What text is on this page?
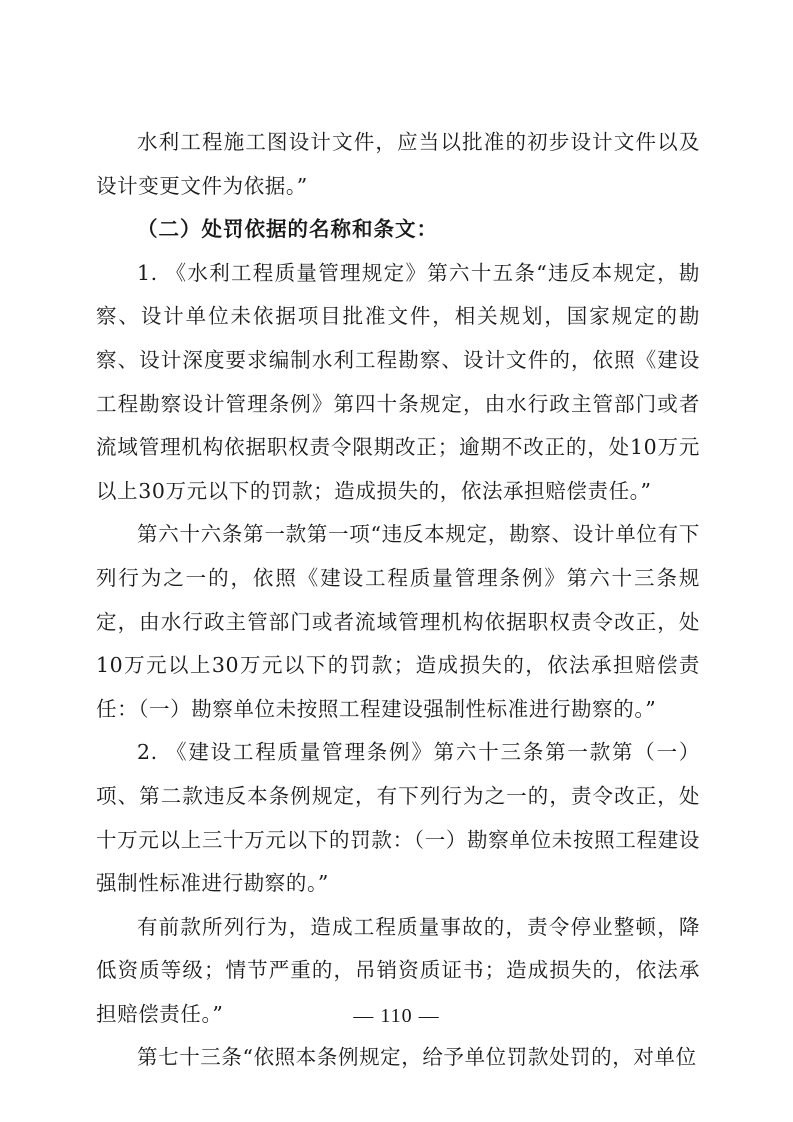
水利工程施工图设计文件，应当以批准的初步设计文件以及设计变更文件为依据。”

（二）处罚依据的名称和条文：

1. 《水利工程质量管理规定》第六十五条“违反本规定，勘察、设计单位未依据项目批准文件，相关规划，国家规定的勘察、设计深度要求编制水利工程勘察、设计文件的，依照《建设工程勘察设计管理条例》第四十条规定，由水行政主管部门或者流域管理机构依据职权责令限期改正；逾期不改正的，处10万元以上30万元以下的罚款；造成损失的，依法承担赔偿责任。”

第六十六条第一款第一项“违反本规定，勘察、设计单位有下列行为之一的，依照《建设工程质量管理条例》第六十三条规定，由水行政主管部门或者流域管理机构依据职权责令改正，处10万元以上30万元以下的罚款；造成损失的，依法承担赔偿责任：（一）勘察单位未按照工程建设强制性标准进行勘察的。”

2. 《建设工程质量管理条例》第六十三条第一款第（一）项、第二款违反本条例规定，有下列行为之一的，责令改正，处十万元以上三十万元以下的罚款：（一）勘察单位未按照工程建设强制性标准进行勘察的。”

有前款所列行为，造成工程质量事故的，责令停业整顿，降低资质等级；情节严重的，吊销资质证书；造成损失的，依法承担赔偿责任。”

第七十三条“依照本条例规定，给予单位罚款处罚的，对单位

— 110 —
